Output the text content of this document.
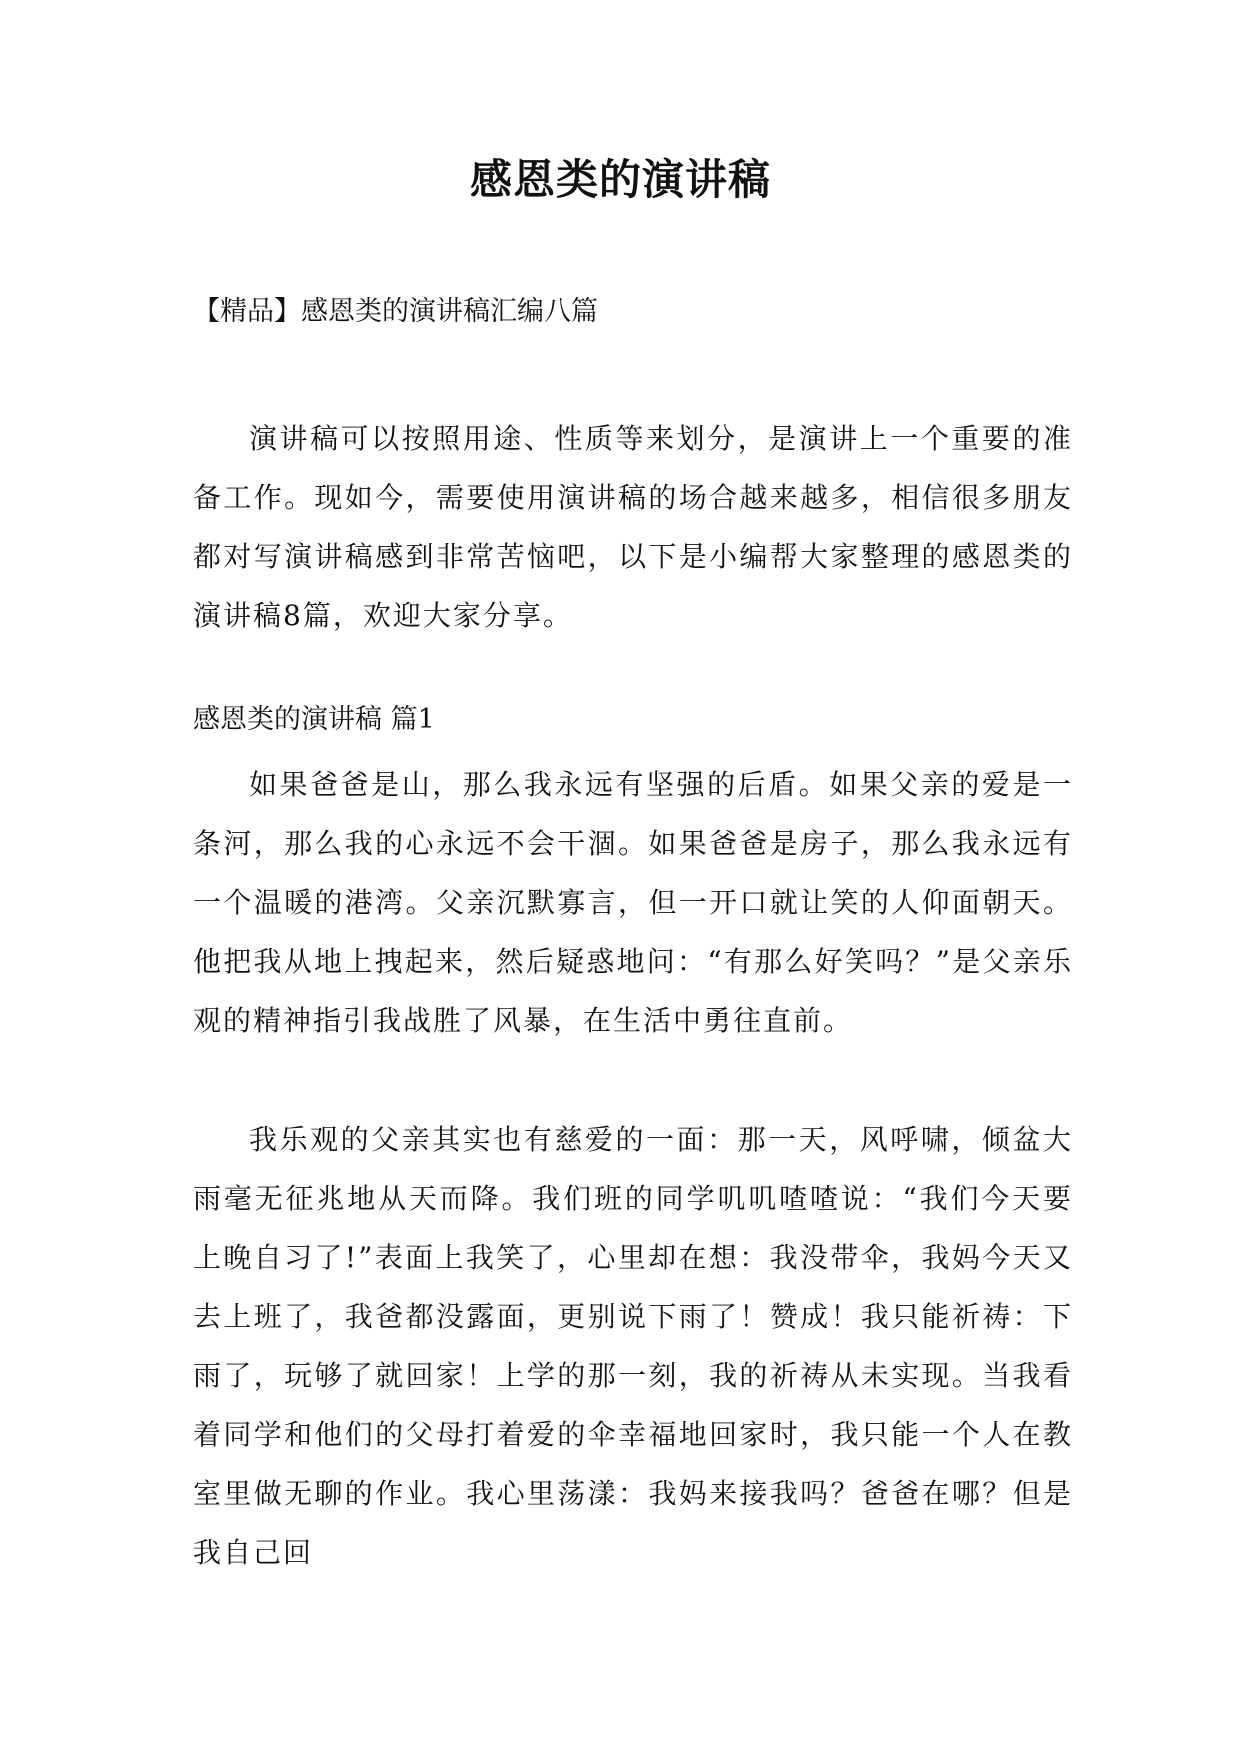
感恩类的演讲稿

【精品】感恩类的演讲稿汇编八篇

演讲稿可以按照用途、性质等来划分，是演讲上一个重要的准备工作。现如今，需要使用演讲稿的场合越来越多，相信很多朋友都对写演讲稿感到非常苦恼吧，以下是小编帮大家整理的感恩类的演讲稿8篇，欢迎大家分享。

感恩类的演讲稿 篇1

如果爸爸是山，那么我永远有坚强的后盾。如果父亲的爱是一条河，那么我的心永远不会干涸。如果爸爸是房子，那么我永远有一个温暖的港湾。父亲沉默寡言，但一开口就让笑的人仰面朝天。他把我从地上拽起来，然后疑惑地问：“有那么好笑吗？”是父亲乐观的精神指引我战胜了风暴，在生活中勇往直前。

我乐观的父亲其实也有慈爱的一面：那一天，风呼啸，倾盆大雨毫无征兆地从天而降。我们班的同学叽叽喳喳说：“我们今天要上晚自习了!”表面上我笑了，心里却在想：我没带伞，我妈今天又去上班了，我爸都没露面，更别说下雨了！赞成！我只能祈祷：下雨了，玩够了就回家！上学的那一刻，我的祈祷从未实现。当我看着同学和他们的父母打着爱的伞幸福地回家时，我只能一个人在教室里做无聊的作业。我心里荡漾：我妈来接我吗？爸爸在哪？但是我自己回
